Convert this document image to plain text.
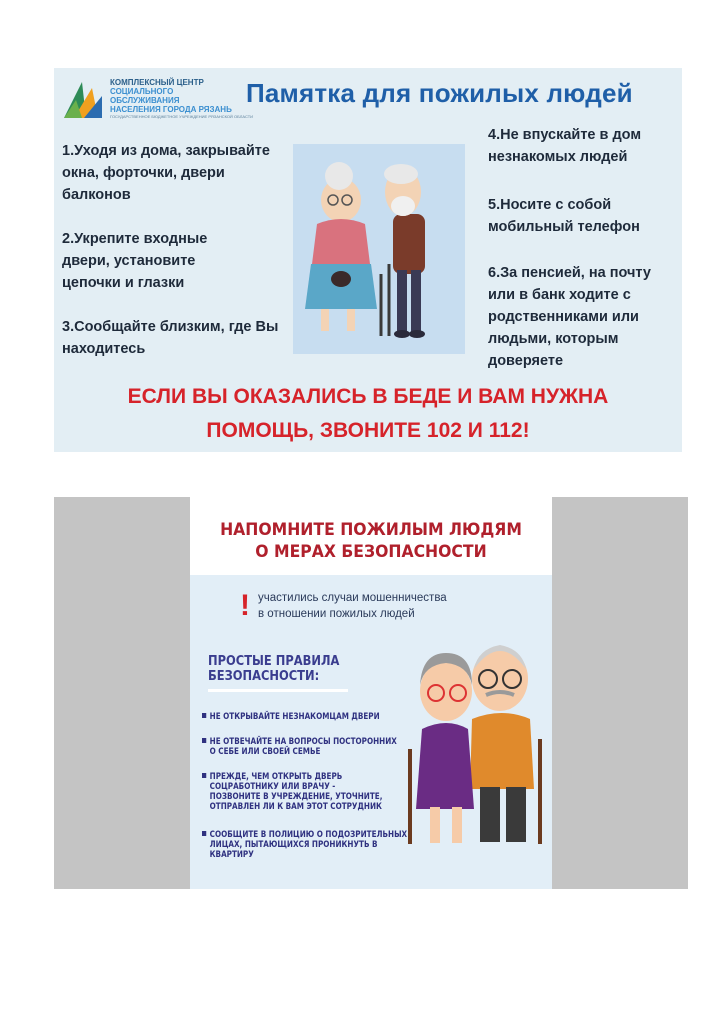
КОМПЛЕКСНЫЙ ЦЕНТР
СОЦИАЛЬНОГО ОБСЛУЖИВАНИЯ
НАСЕЛЕНИЯ ГОРОДА РЯЗАНЬ
ГОСУДАРСТВЕННОЕ БЮДЖЕТНОЕ УЧРЕЖДЕНИЕ РЯЗАНСКОЙ ОБЛАСТИ
Памятка для пожилых людей
1.Уходя из дома, закрывайте окна, форточки, двери балконов
2.Укрепите входные двери, установите цепочки и глазки
3.Сообщайте близким, где Вы находитесь
4.Не впускайте в дом незнакомых людей
5.Носите с собой мобильный телефон
6.За пенсией, на почту или в банк ходите с родственниками или людьми, которым доверяете
ЕСЛИ ВЫ ОКАЗАЛИСЬ В БЕДЕ И ВАМ НУЖНА
ПОМОЩЬ, ЗВОНИТЕ 102 И 112!
НАПОМНИТЕ ПОЖИЛЫМ ЛЮДЯМ
О МЕРАХ БЕЗОПАСНОСТИ
! участились случаи мошенничества
в отношении пожилых людей
ПРОСТЫЕ ПРАВИЛА
БЕЗОПАСНОСТИ:
НЕ ОТКРЫВАЙТЕ НЕЗНАКОМЦАМ ДВЕРИ
НЕ ОТВЕЧАЙТЕ НА ВОПРОСЫ ПОСТОРОННИХ
О СЕБЕ ИЛИ СВОЕЙ СЕМЬЕ
ПРЕЖДЕ, ЧЕМ ОТКРЫТЬ ДВЕРЬ
СОЦРАБОТНИКУ ИЛИ ВРАЧУ -
ПОЗВОНИТЕ В УЧРЕЖДЕНИЕ, УТОЧНИТЕ,
ОТПРАВЛЕН ЛИ К ВАМ ЭТОТ СОТРУДНИК
СООБЩИТЕ В ПОЛИЦИЮ О ПОДОЗРИТЕЛЬНЫХ
ЛИЦАХ, ПЫТАЮЩИХСЯ ПРОНИКНУТЬ В КВАРТИРУ
